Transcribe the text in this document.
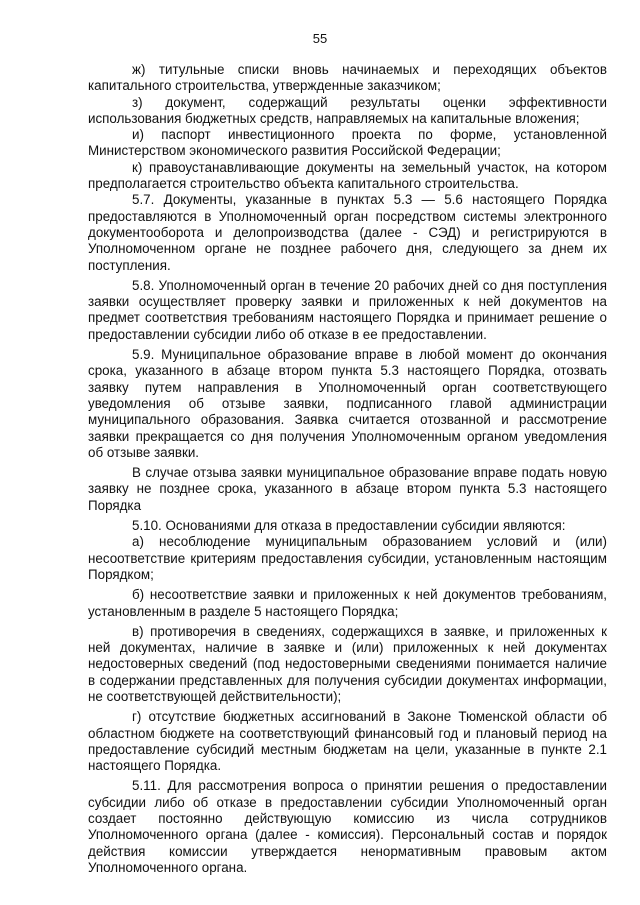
55

ж) титульные списки вновь начинаемых и переходящих объектов капитального строительства, утвержденные заказчиком;

з) документ, содержащий результаты оценки эффективности использования бюджетных средств, направляемых на капитальные вложения;

и) паспорт инвестиционного проекта по форме, установленной Министерством экономического развития Российской Федерации;

к) правоустанавливающие документы на земельный участок, на котором предполагается строительство объекта капитального строительства.

5.7. Документы, указанные в пунктах 5.3 — 5.6 настоящего Порядка предоставляются в Уполномоченный орган посредством системы электронного документооборота и делопроизводства (далее - СЭД) и регистрируются в Уполномоченном органе не позднее рабочего дня, следующего за днем их поступления.

5.8. Уполномоченный орган в течение 20 рабочих дней со дня поступления заявки осуществляет проверку заявки и приложенных к ней документов на предмет соответствия требованиям настоящего Порядка и принимает решение о предоставлении субсидии либо об отказе в ее предоставлении.

5.9. Муниципальное образование вправе в любой момент до окончания срока, указанного в абзаце втором пункта 5.3 настоящего Порядка, отозвать заявку путем направления в Уполномоченный орган соответствующего уведомления об отзыве заявки, подписанного главой администрации муниципального образования. Заявка считается отозванной и рассмотрение заявки прекращается со дня получения Уполномоченным органом уведомления об отзыве заявки.

В случае отзыва заявки муниципальное образование вправе подать новую заявку не позднее срока, указанного в абзаце втором пункта 5.3 настоящего Порядка

5.10. Основаниями для отказа в предоставлении субсидии являются:

а) несоблюдение муниципальным образованием условий и (или) несоответствие критериям предоставления субсидии, установленным настоящим Порядком;

б) несоответствие заявки и приложенных к ней документов требованиям, установленным в разделе 5 настоящего Порядка;

в) противоречия в сведениях, содержащихся в заявке, и приложенных к ней документах, наличие в заявке и (или) приложенных к ней документах недостоверных сведений (под недостоверными сведениями понимается наличие в содержании представленных для получения субсидии документах информации, не соответствующей действительности);

г) отсутствие бюджетных ассигнований в Законе Тюменской области об областном бюджете на соответствующий финансовый год и плановый период на предоставление субсидий местным бюджетам на цели, указанные в пункте 2.1 настоящего Порядка.

5.11. Для рассмотрения вопроса о принятии решения о предоставлении субсидии либо об отказе в предоставлении субсидии Уполномоченный орган создает постоянно действующую комиссию из числа сотрудников Уполномоченного органа (далее - комиссия). Персональный состав и порядок действия комиссии утверждается ненормативным правовым актом Уполномоченного органа.
